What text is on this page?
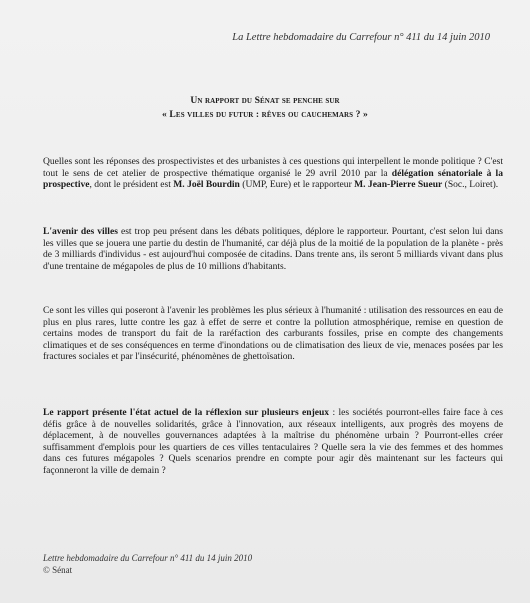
La Lettre hebdomadaire du Carrefour n° 411 du 14 juin 2010
Un rapport du Sénat se penche sur
« Les villes du futur : rêves ou cauchemars ? »
Quelles sont les réponses des prospectivistes et des urbanistes à ces questions qui interpellent le monde politique ? C'est tout le sens de cet atelier de prospective thématique organisé le 29 avril 2010 par la délégation sénatoriale à la prospective, dont le président est M. Joël Bourdin (UMP, Eure) et le rapporteur M. Jean-Pierre Sueur (Soc., Loiret).
L'avenir des villes est trop peu présent dans les débats politiques, déplore le rapporteur. Pourtant, c'est selon lui dans les villes que se jouera une partie du destin de l'humanité, car déjà plus de la moitié de la population de la planète - près de 3 milliards d'individus - est aujourd'hui composée de citadins. Dans trente ans, ils seront 5 milliards vivant dans plus d'une trentaine de mégapoles de plus de 10 millions d'habitants.
Ce sont les villes qui poseront à l'avenir les problèmes les plus sérieux à l'humanité : utilisation des ressources en eau de plus en plus rares, lutte contre les gaz à effet de serre et contre la pollution atmosphérique, remise en question de certains modes de transport du fait de la raréfaction des carburants fossiles, prise en compte des changements climatiques et de ses conséquences en terme d'inondations ou de climatisation des lieux de vie, menaces posées par les fractures sociales et par l'insécurité, phénomènes de ghettoïsation.
Le rapport présente l'état actuel de la réflexion sur plusieurs enjeux : les sociétés pourront-elles faire face à ces défis grâce à de nouvelles solidarités, grâce à l'innovation, aux réseaux intelligents, aux progrès des moyens de déplacement, à de nouvelles gouvernances adaptées à la maîtrise du phénomène urbain ? Pourront-elles créer suffisamment d'emplois pour les quartiers de ces villes tentaculaires ? Quelle sera la vie des femmes et des hommes dans ces futures mégapoles ? Quels scenarios prendre en compte pour agir dès maintenant sur les facteurs qui façonneront la ville de demain ?
Lettre hebdomadaire du Carrefour n° 411 du 14 juin 2010
© Sénat
